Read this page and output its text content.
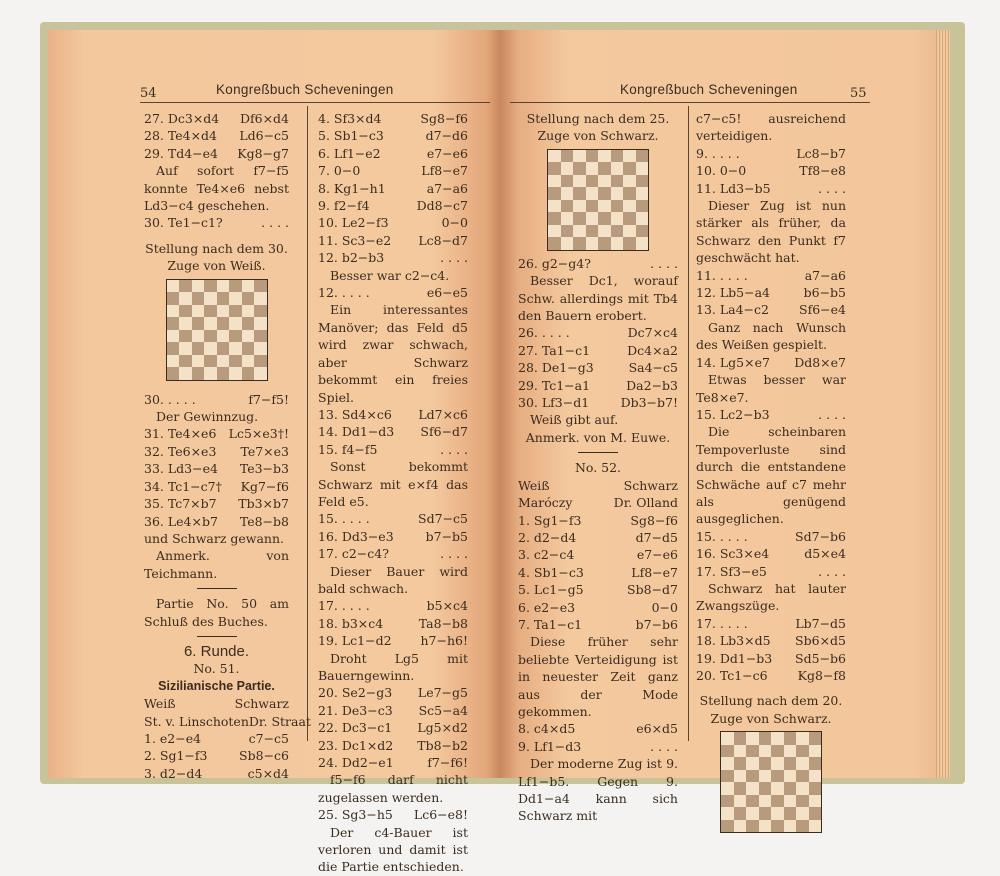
54	Kongreßbuch Scheveningen
27. Dc3×d4 Df6×d4
28. Te4×d4 Ld6−c5
29. Td4−e4 Kg8−g7
Auf sofort f7−f5 konnte Te4×e6 nebst Ld3−c4 geschehen.
30. Te1−c1?	. . . .
Stellung nach dem 30. Zuge von Weiß.
30. . . . .	f7−f5!
Der Gewinnzug.
31. Te4×e6 Lc5×e3†!
32. Te6×e3 Te7×e3
33. Ld3−e4 Te3−b3
34. Tc1−c7† Kg7−f6
35. Tc7×b7 Tb3×b7
36. Le4×b7 Te8−b8
und Schwarz gewann.
Anmerk. von Teichmann.
Partie No. 50 am Schluß des Buches.
6. Runde.
No. 51.
Sizilianische Partie.
Weiß	Schwarz
St. v. Linschoten Dr. Straat
1. e2−e4	c7−c5
2. Sg1−f3	Sb8−c6
3. d2−d4	c5×d4
4. Sf3×d4	Sg8−f6
5. Sb1−c3	d7−d6
6. Lf1−e2	e7−e6
7. 0−0	Lf8−e7
8. Kg1−h1	a7−a6
9. f2−f4	Dd8−c7
10. Le2−f3	0−0
11. Sc3−e2 Lc8−d7
12. b2−b3	. . . .
Besser war c2−c4.
12. . . . .	e6−e5
Ein interessantes Manöver; das Feld d5 wird zwar schwach, aber Schwarz bekommt ein freies Spiel.
13. Sd4×c6 Ld7×c6
14. Dd1−d3 Sf6−d7
15. f4−f5	. . . .
Sonst bekommt Schwarz mit e×f4 das Feld e5.
15. . . . .	Sd7−c5
16. Dd3−e3	b7−b5
17. c2−c4?	. . . .
Dieser Bauer wird bald schwach.
17. . . . .	b5×c4
18. b3×c4	Ta8−b8
19. Lc1−d2 h7−h6!
Droht Lg5 mit Bauerngewinn.
20. Se2−g3 Le7−g5
21. De3−c3 Sc5−a4
22. Dc3−c1 Lg5×d2
23. Dc1×d2 Tb8−b2
24. Dd2−e1	f7−f6!
f5−f6 darf nicht zugelassen werden.
25. Sg3−h5 Lc6−e8!
Der c4-Bauer ist verloren und damit ist die Partie entschieden.
Kongreßbuch Scheveningen	55
Stellung nach dem 25. Zuge von Schwarz.
26. g2−g4?	. . . .
Besser Dc1, worauf Schw. allerdings mit Tb4 den Bauern erobert.
26. . . . .	Dc7×c4
27. Ta1−c1	Dc4×a2
28. De1−g3	Sa4−c5
29. Tc1−a1	Da2−b3
30. Lf3−d1	Db3−b7!
Weiß gibt auf.
Anmerk. von M. Euwe.
No. 52.
Weiß	Schwarz
Maróczy	Dr. Olland
1. Sg1−f3	Sg8−f6
2. d2−d4	d7−d5
3. c2−c4	e7−e6
4. Sb1−c3	Lf8−e7
5. Lc1−g5	Sb8−d7
6. e2−e3	0−0
7. Ta1−c1	b7−b6
Diese früher sehr beliebte Verteidigung ist in neuester Zeit ganz aus der Mode gekommen.
8. c4×d5	e6×d5
9. Lf1−d3	. . . .
Der moderne Zug ist 9. Lf1−b5. Gegen 9. Dd1−a4 kann sich Schwarz mit
c7−c5! ausreichend verteidigen.
9. . . . .	Lc8−b7
10. 0−0	Tf8−e8
11. Ld3−b5	. . . .
Dieser Zug ist nun stärker als früher, da Schwarz den Punkt f7 geschwächt hat.
11. . . . .	a7−a6
12. Lb5−a4	b6−b5
13. La4−c2 Sf6−e4
Ganz nach Wunsch des Weißen gespielt.
14. Lg5×e7 Dd8×e7
Etwas besser war Te8×e7.
15. Lc2−b3	. . . .
Die scheinbaren Tempoverluste sind durch die entstandene Schwäche auf c7 mehr als genügend ausgeglichen.
15. . . . .	Sd7−b6
16. Sc3×e4	d5×e4
17. Sf3−e5	. . . .
Schwarz hat lauter Zwangszüge.
17. . . . .	Lb7−d5
18. Lb3×d5 Sb6×d5
19. Dd1−b3 Sd5−b6
20. Tc1−c6 Kg8−f8
Stellung nach dem 20. Zuge von Schwarz.
